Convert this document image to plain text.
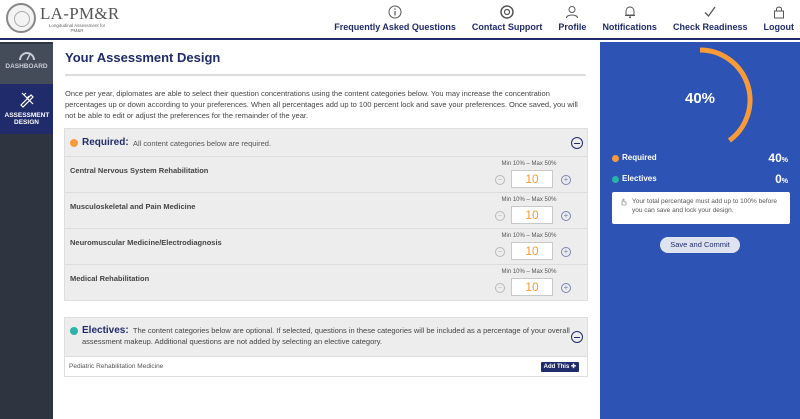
LA-PM&R
Longitudinal Assessment for PM&R	Frequently Asked Questions Contact Support Profile Notifications Check Readiness Logout
DASHBOARD
ASSESSMENT DESIGN
Your Assessment Design
Once per year, diplomates are able to select their question concentrations using the content categories below. You may increase the concentration percentages up or down according to your preferences. When all percentages add up to 100 percent lock and save your preferences. Once saved, you will not be able to edit or adjust the preferences for the remainder of the year.
Required: All content categories below are required.
Central Nervous System Rehabilitation
Min 10% – Max 50%
−
10	+
Musculoskeletal and Pain Medicine
Min 10% – Max 50%
−
10	+
Neuromuscular Medicine/Electrodiagnosis
Min 10% – Max 50%
−
10	+
Medical Rehabilitation
Min 10% – Max 50%
−
10	+
Electives: The content categories below are optional. If selected, questions in these categories will be included as a percentage of your overall assessment makeup. Additional questions are not added by selecting an elective category.
Pediatric Rehabilitation Medicine	Add This ✚
40%
Required	40%
Electives	0%
Your total percentage must add up to 100% before you can save and lock your design.
Save and Commit
